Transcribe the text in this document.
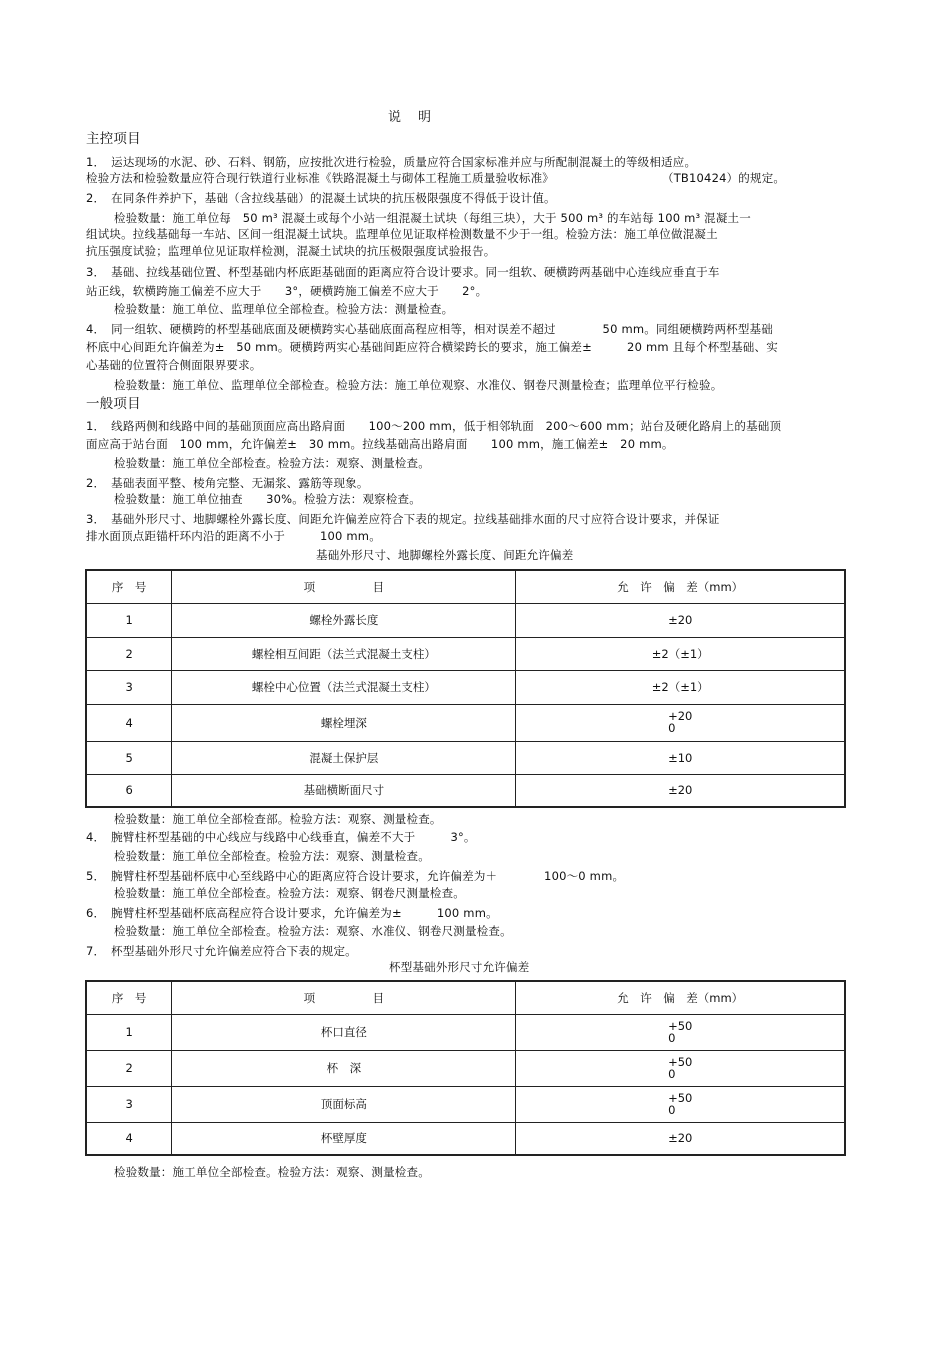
说　明
主控项目
1．　运达现场的水泥、砂、石料、钢筋，应按批次进行检验，质量应符合国家标准并应与所配制混凝土的等级相适应。
检验方法和检验数量应符合现行铁道行业标准《铁路混凝土与砌体工程施工质量验收标准》	（TB10424）的规定。
2．　在同条件养护下，基础（含拉线基础）的混凝土试块的抗压极限强度不得低于设计值。
检验数量：施工单位每　50 m³ 混凝土或每个小站一组混凝土试块（每组三块），大于 500 m³ 的车站每 100 m³ 混凝土一
组试块。拉线基础每一车站、区间一组混凝土试块。监理单位见证取样检测数量不少于一组。检验方法：施工单位做混凝土
抗压强度试验；监理单位见证取样检测，混凝土试块的抗压极限强度试验报告。
3．　基础、拉线基础位置、杯型基础内杯底距基础面的距离应符合设计要求。同一组软、硬横跨两基础中心连线应垂直于车
站正线，软横跨施工偏差不应大于　　3°，硬横跨施工偏差不应大于　　2°。
检验数量：施工单位、监理单位全部检查。检验方法：测量检查。
4．　同一组软、硬横跨的杯型基础底面及硬横跨实心基础底面高程应相等，相对误差不超过　　　　50 mm。同组硬横跨两杯型基础
杯底中心间距允许偏差为±　50 mm。硬横跨两实心基础间距应符合横梁跨长的要求，施工偏差±　　　20 mm 且每个杯型基础、实
心基础的位置符合侧面限界要求。
检验数量：施工单位、监理单位全部检查。检验方法：施工单位观察、水准仪、钢卷尺测量检查；监理单位平行检验。
一般项目
1．　线路两侧和线路中间的基础顶面应高出路肩面　　100～200 mm，低于相邻轨面　200～600 mm；站台及硬化路肩上的基础顶
面应高于站台面　100 mm，允许偏差±　30 mm。拉线基础高出路肩面　　100 mm，施工偏差±　20 mm。
检验数量：施工单位全部检查。检验方法：观察、测量检查。
2．　基础表面平整、棱角完整、无漏浆、露筋等现象。
检验数量：施工单位抽查　　30%。检验方法：观察检查。
3．　基础外形尺寸、地脚螺栓外露长度、间距允许偏差应符合下表的规定。拉线基础排水面的尺寸应符合设计要求，并保证
排水面顶点距锚杆环内沿的距离不小于　　　100 mm。
基础外形尺寸、地脚螺栓外露长度、间距允许偏差
序　号	项　　　　　目	允　许　偏　差（mm）
1	螺栓外露长度	±20
2	螺栓相互间距（法兰式混凝土支柱）	±2（±1）
3	螺栓中心位置（法兰式混凝土支柱）	±2（±1）
4	螺栓埋深	+20
0

5	混凝土保护层	±10
6	基础横断面尺寸	±20
检验数量：施工单位全部检查部。检验方法：观察、测量检查。
4．　腕臂柱杯型基础的中心线应与线路中心线垂直，偏差不大于　　　3°。
检验数量：施工单位全部检查。检验方法：观察、测量检查。
5．　腕臂柱杯型基础杯底中心至线路中心的距离应符合设计要求，允许偏差为＋　　　　100～0 mm。
检验数量：施工单位全部检查。检验方法：观察、钢卷尺测量检查。
6．　腕臂柱杯型基础杯底高程应符合设计要求，允许偏差为±　　　100 mm。
检验数量：施工单位全部检查。检验方法：观察、水准仪、钢卷尺测量检查。
7．　杯型基础外形尺寸允许偏差应符合下表的规定。
杯型基础外形尺寸允许偏差
序　号	项　　　　　目	允　许　偏　差（mm）
1	杯口直径	+50
0

2	杯　深	+50
0

3	顶面标高	+50
0

4	杯壁厚度	±20
检验数量：施工单位全部检查。检验方法：观察、测量检查。
